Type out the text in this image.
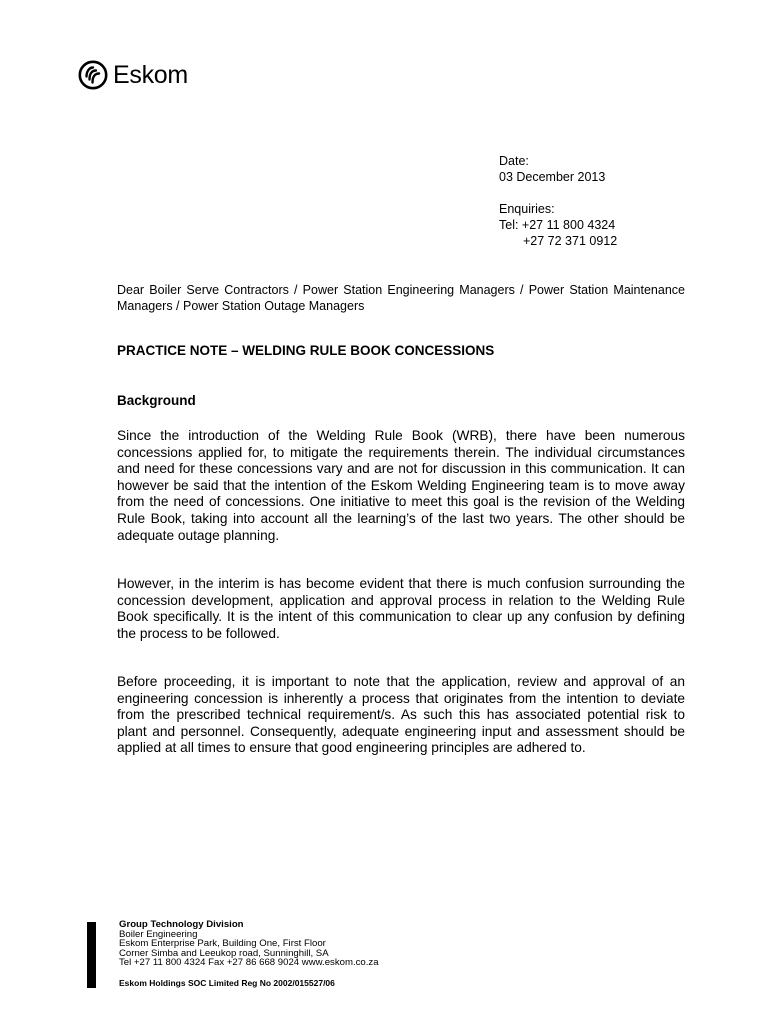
Eskom
Date:
03 December 2013
Enquiries:
Tel: +27 11 800 4324
+27 72 371 0912
Dear Boiler Serve Contractors / Power Station Engineering Managers / Power Station Maintenance Managers / Power Station Outage Managers
PRACTICE NOTE – WELDING RULE BOOK CONCESSIONS
Background
Since the introduction of the Welding Rule Book (WRB), there have been numerous concessions applied for, to mitigate the requirements therein. The individual circumstances and need for these concessions vary and are not for discussion in this communication. It can however be said that the intention of the Eskom Welding Engineering team is to move away from the need of concessions. One initiative to meet this goal is the revision of the Welding Rule Book, taking into account all the learning’s of the last two years. The other should be adequate outage planning.
However, in the interim is has become evident that there is much confusion surrounding the concession development, application and approval process in relation to the Welding Rule Book specifically. It is the intent of this communication to clear up any confusion by defining the process to be followed.
Before proceeding, it is important to note that the application, review and approval of an engineering concession is inherently a process that originates from the intention to deviate from the prescribed technical requirement/s. As such this has associated potential risk to plant and personnel. Consequently, adequate engineering input and assessment should be applied at all times to ensure that good engineering principles are adhered to.
Group Technology Division
Boiler Engineering
Eskom Enterprise Park, Building One, First Floor
Corner Simba and Leeukop road, Sunninghill, SA
Tel +27 11 800 4324 Fax +27 86 668 9024 www.eskom.co.za
Eskom Holdings SOC Limited Reg No 2002/015527/06
